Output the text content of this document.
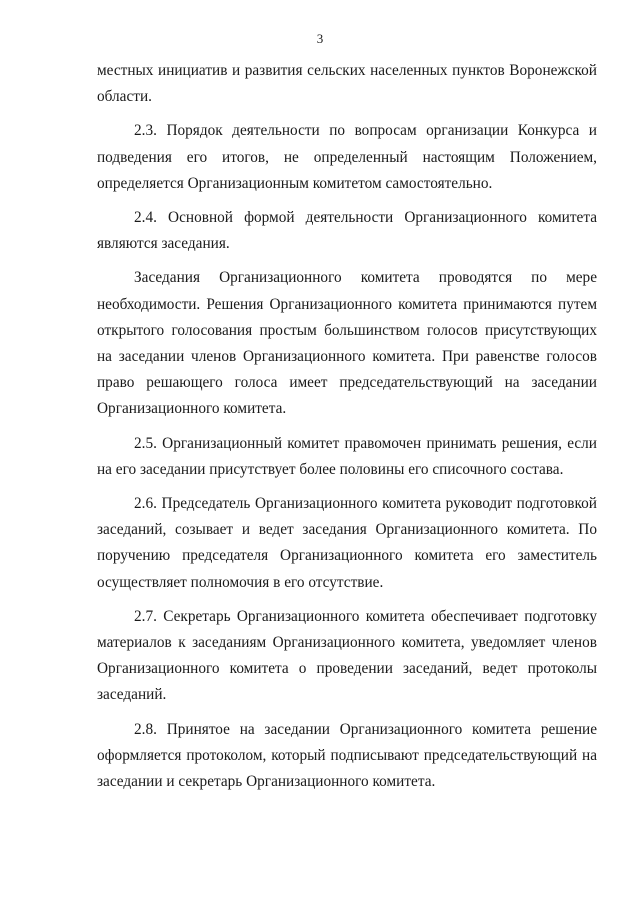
3

местных инициатив и развития сельских населенных пунктов Воронежской области.

2.3. Порядок деятельности по вопросам организации Конкурса и подведения его итогов, не определенный настоящим Положением, определяется Организационным комитетом самостоятельно.

2.4. Основной формой деятельности Организационного комитета являются заседания.

Заседания Организационного комитета проводятся по мере необходимости. Решения Организационного комитета принимаются путем открытого голосования простым большинством голосов присутствующих на заседании членов Организационного комитета. При равенстве голосов право решающего голоса имеет председательствующий на заседании Организационного комитета.

2.5. Организационный комитет правомочен принимать решения, если на его заседании присутствует более половины его списочного состава.

2.6. Председатель Организационного комитета руководит подготовкой заседаний, созывает и ведет заседания Организационного комитета. По поручению председателя Организационного комитета его заместитель осуществляет полномочия в его отсутствие.

2.7. Секретарь Организационного комитета обеспечивает подготовку материалов к заседаниям Организационного комитета, уведомляет членов Организационного комитета о проведении заседаний, ведет протоколы заседаний.

2.8. Принятое на заседании Организационного комитета решение оформляется протоколом, который подписывают председательствующий на заседании и секретарь Организационного комитета.
